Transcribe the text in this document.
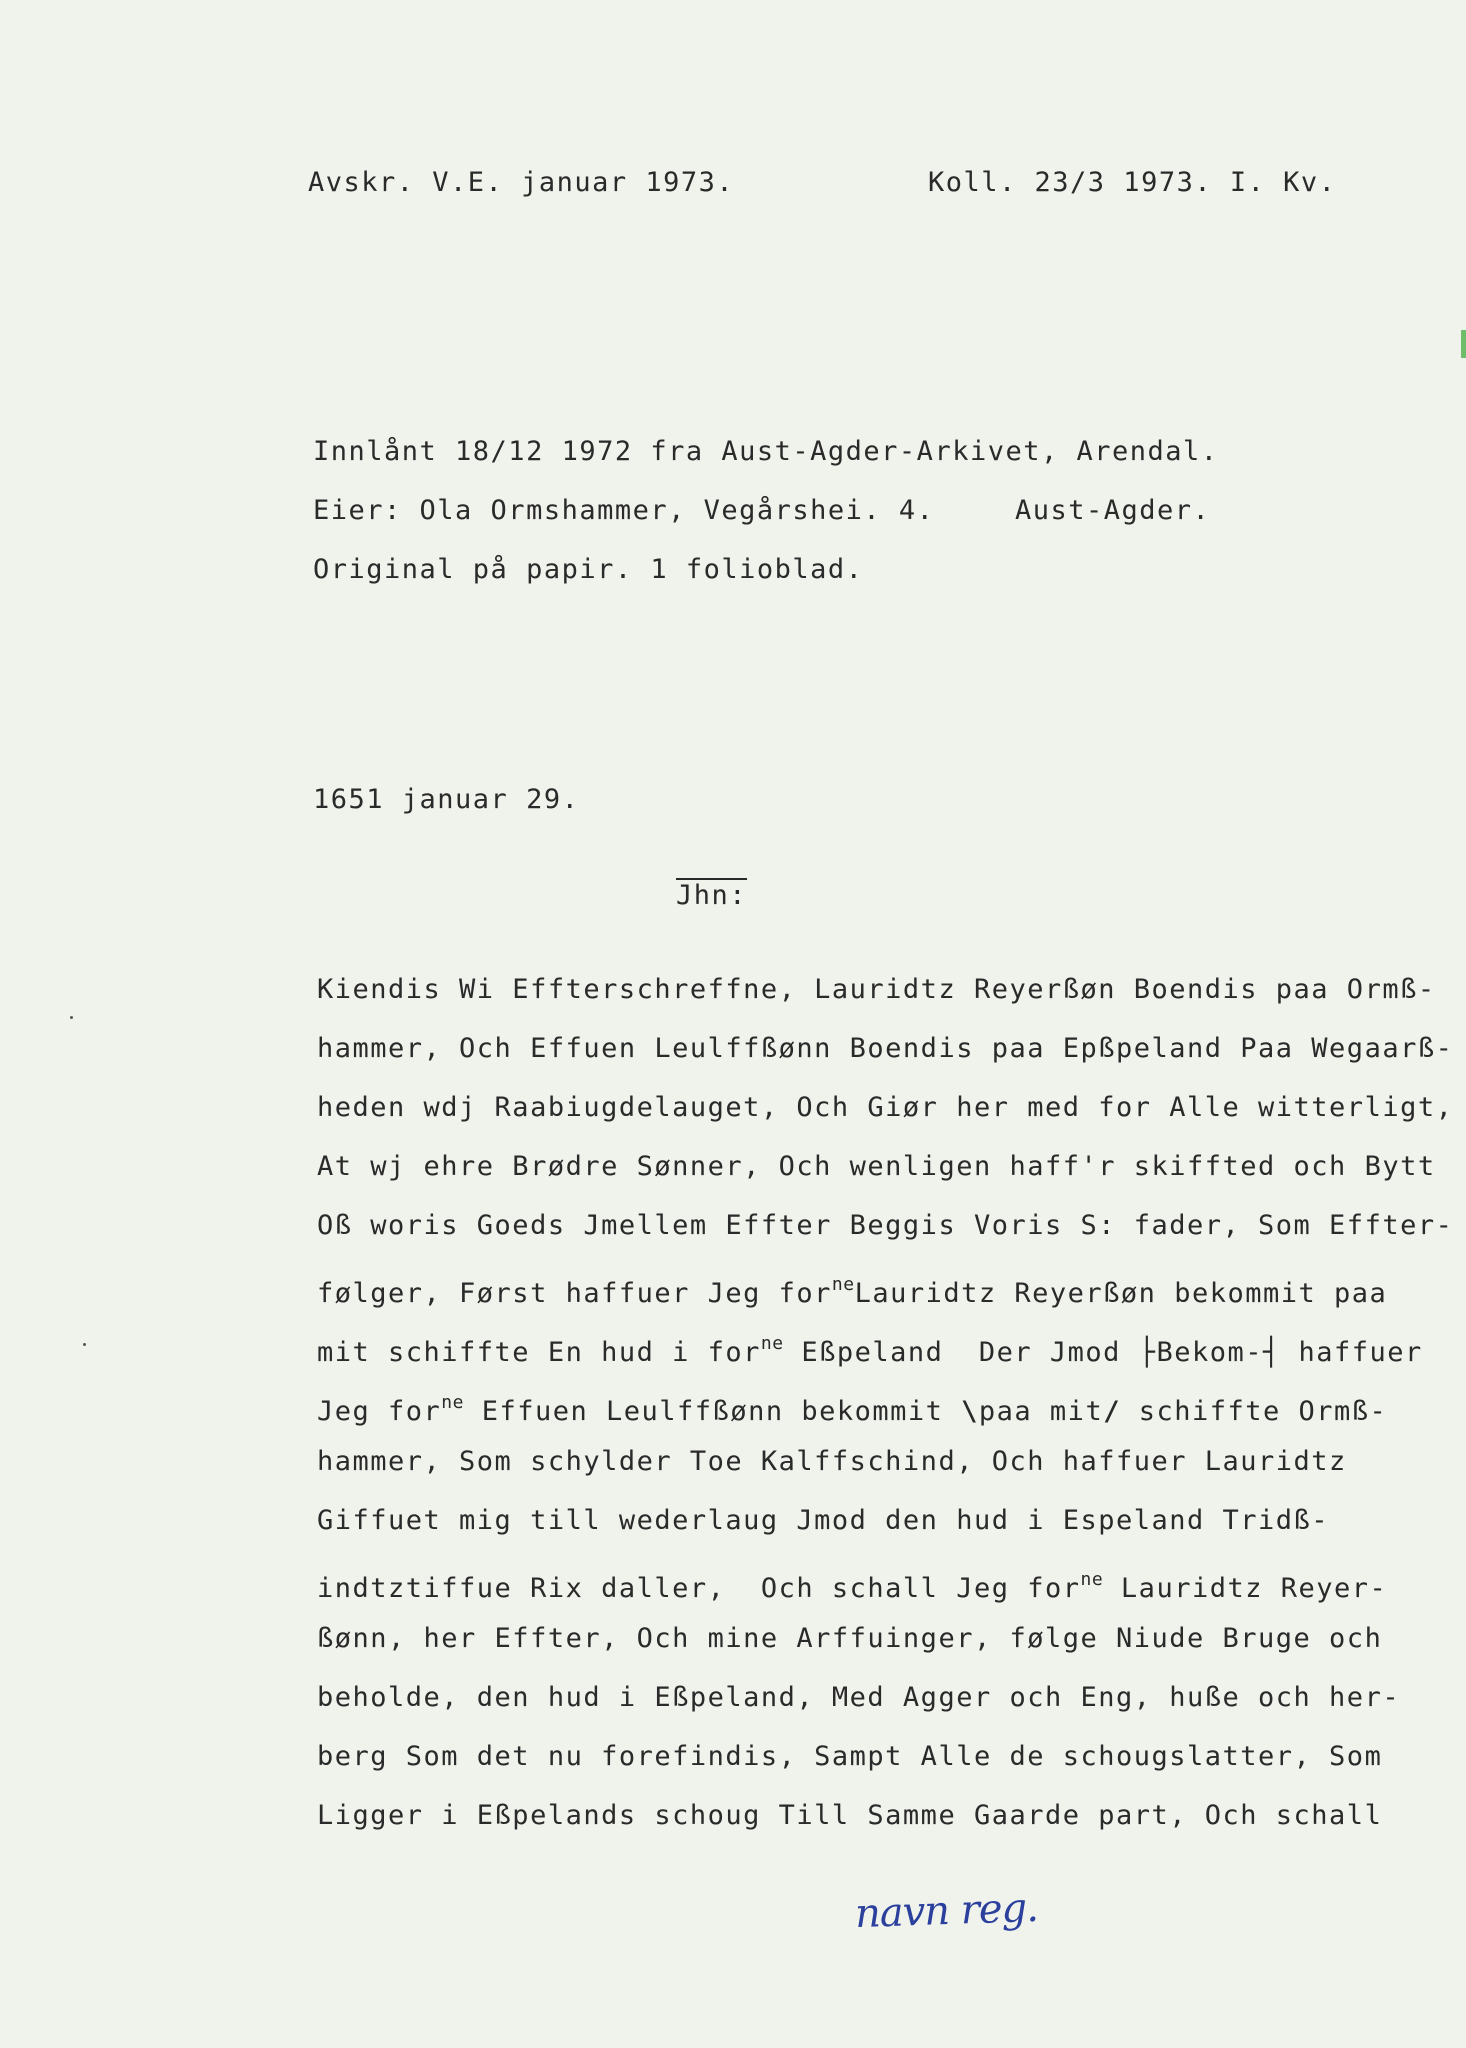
Avskr. V.E. januar 1973.	Koll. 23/3 1973. I. Kv.
Innlånt 18/12 1972 fra Aust-Agder-Arkivet, Arendal.
Eier: Ola Ormshammer, Vegårshei. 4.	Aust-Agder.
Original på papir. 1 folioblad.
1651 januar 29.
Jhn:
Kiendis Wi Effterschreffne, Lauridtz Reyerßøn Boendis paa Ormß-
hammer, Och Effuen Leulffßønn Boendis paa Epßpeland Paa Wegaarß-
heden wdj Raabiugdelauget, Och Giør her med for Alle witterligt,
At wj ehre Brødre Sønner, Och wenligen haff'r skiffted och Bytt
Oß woris Goeds Jmellem Effter Beggis Voris S: fader, Som Effter-
følger, Først haffuer Jeg for$^{ne}$Lauridtz Reyerßøn bekommit paa
mit schiffte En hud i for$^{ne}$ Eßpeland  Der Jmod ├Bekom-┤ haffuer
Jeg for$^{ne}$ Effuen Leulffßønn bekommit \paa mit/ schiffte Ormß-
hammer, Som schylder Toe Kalffschind, Och haffuer Lauridtz
Giffuet mig till wederlaug Jmod den hud i Espeland Tridß-
indtztiffue Rix daller,  Och schall Jeg for$^{ne}$ Lauridtz Reyer-
ßønn, her Effter, Och mine Arffuinger, følge Niude Bruge och
beholde, den hud i Eßpeland, Med Agger och Eng, hußе och her-
berg Som det nu forefindis, Sampt Alle de schougslatter, Som
Ligger i Eßpelands schoug Till Samme Gaarde part, Och schall
navn reg.
